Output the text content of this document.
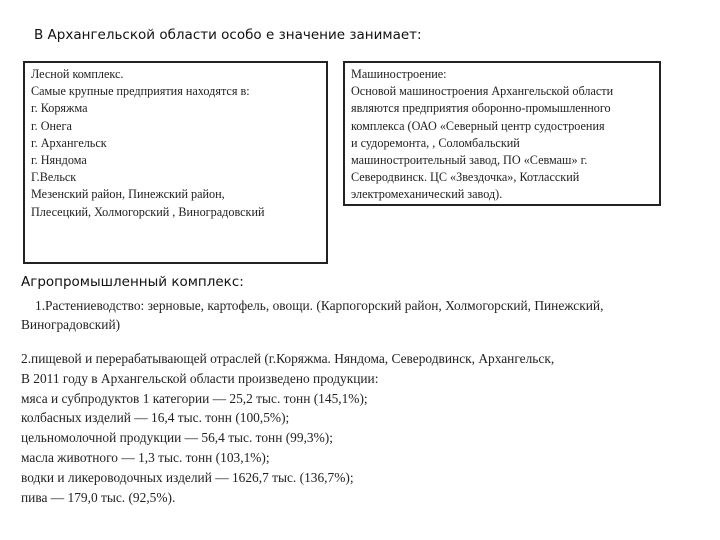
В Архангельской области особо е значение занимает:
Лесной комплекс.
Самые крупные предприятия находятся в:
г. Коряжма
г. Онега
г. Архангельск
г. Няндома
Г.Вельск
Мезенский район, Пинежский район,
Плесецкий, Холмогорский , Виноградовский
Машиностроение:
Основой машиностроения Архангельской области
являются предприятия оборонно-промышленного
комплекса (ОАО «Северный центр судостроения
и судоремонта, , Соломбальский
машиностроительный завод, ПО «Севмаш» г.
Северодвинск. ЦС «Звездочка», Котласский
электромеханический завод).
Агропромышленный комплекс:
1.Растениеводство: зерновые, картофель, овощи. (Карпогорский район, Холмогорский, Пинежский, Виноградовский)
2.пищевой и перерабатывающей отраслей (г.Коряжма. Няндома, Северодвинск, Архангельск,
В 2011 году в Архангельской области произведено продукции:
мяса и субпродуктов 1 категории — 25,2 тыс. тонн (145,1%);
колбасных изделий — 16,4 тыс. тонн (100,5%);
цельномолочной продукции — 56,4 тыс. тонн (99,3%);
масла животного — 1,3 тыс. тонн (103,1%);
водки и ликероводочных изделий — 1626,7 тыс. (136,7%);
пива — 179,0 тыс. (92,5%).
